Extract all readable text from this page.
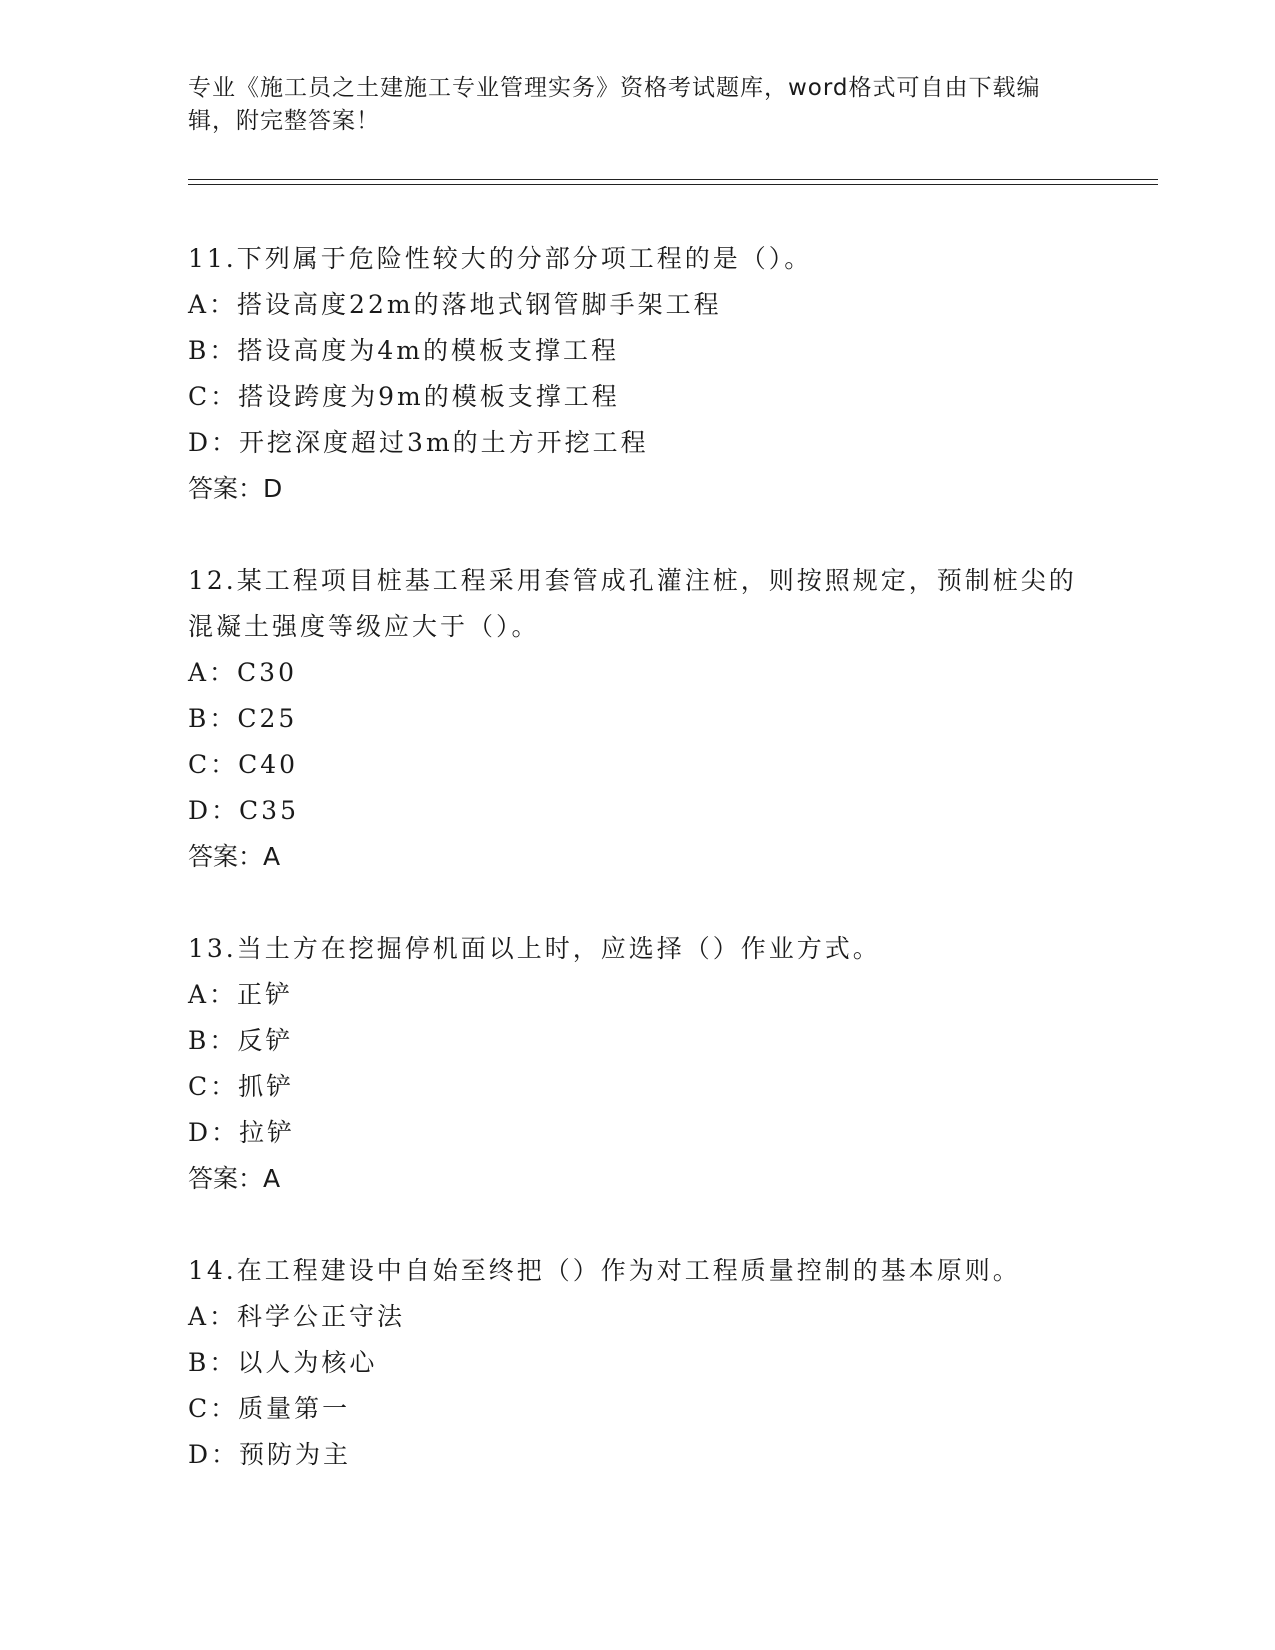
专业《施工员之土建施工专业管理实务》资格考试题库，word格式可自由下载编辑，附完整答案！
11.下列属于危险性较大的分部分项工程的是（）。
A：搭设高度22m的落地式钢管脚手架工程
B：搭设高度为4m的模板支撑工程
C：搭设跨度为9m的模板支撑工程
D：开挖深度超过3m的土方开挖工程
答案：D
12.某工程项目桩基工程采用套管成孔灌注桩，则按照规定，预制桩尖的混凝土强度等级应大于（）。
A：C30
B：C25
C：C40
D：C35
答案：A
13.当土方在挖掘停机面以上时，应选择（）作业方式。
A：正铲
B：反铲
C：抓铲
D：拉铲
答案：A
14.在工程建设中自始至终把（）作为对工程质量控制的基本原则。
A：科学公正守法
B：以人为核心
C：质量第一
D：预防为主
